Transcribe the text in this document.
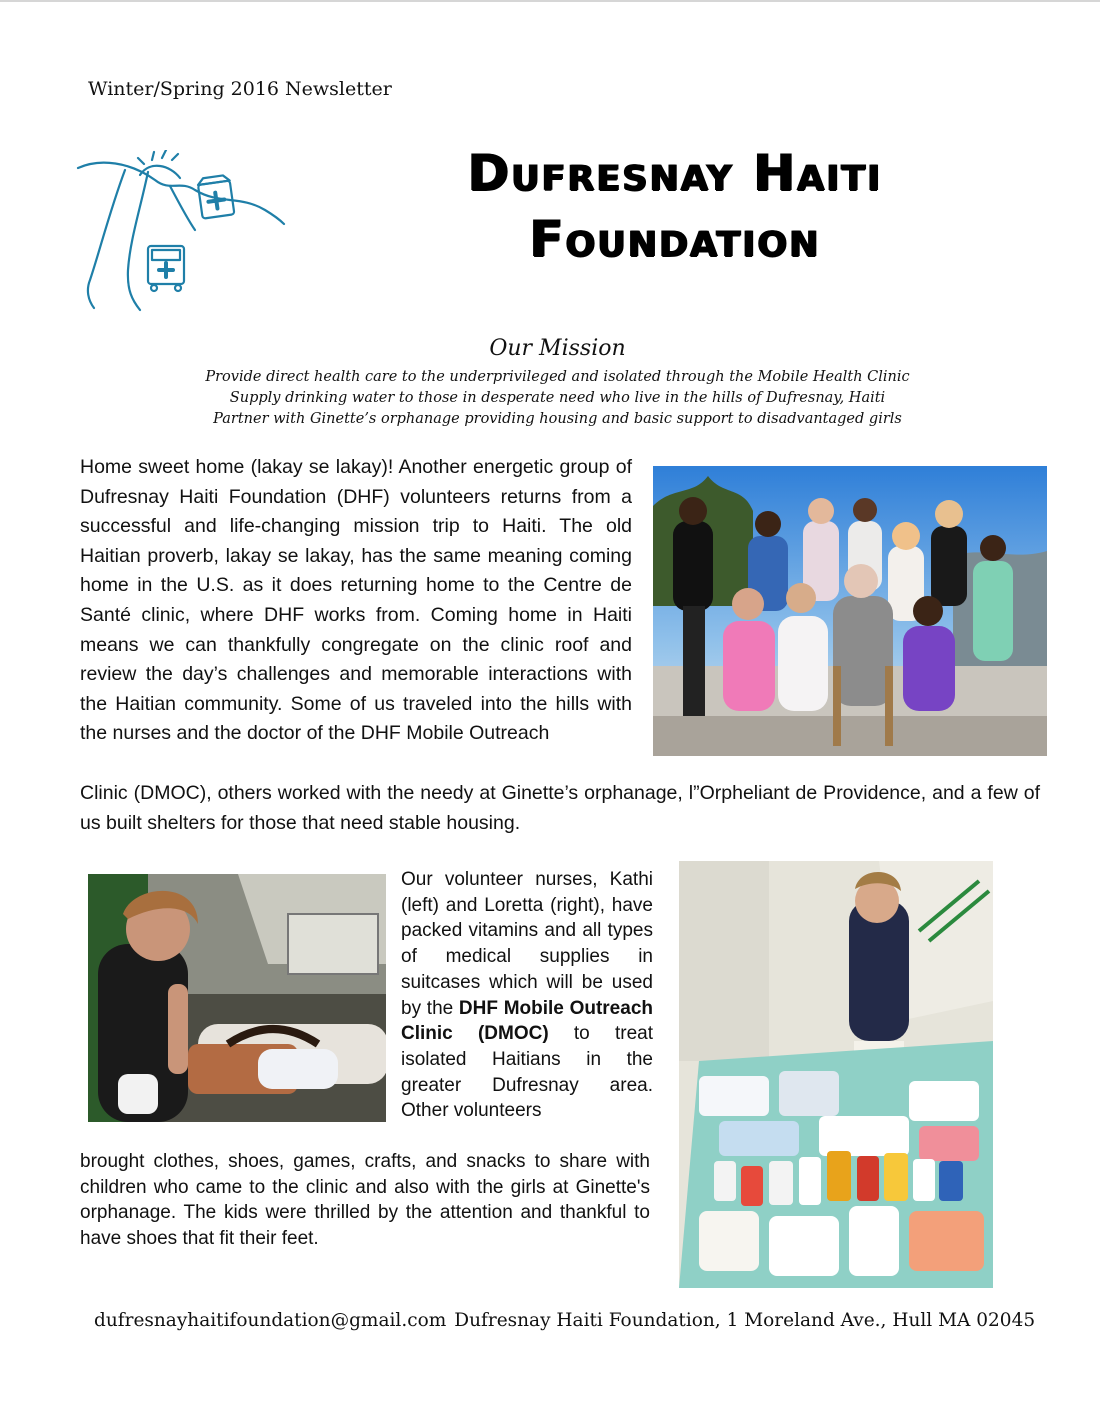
Winter/Spring 2016 Newsletter
Dufresnay Haiti Foundation
Our Mission
Provide direct health care to the underprivileged and isolated through the Mobile Health Clinic
Supply drinking water to those in desperate need who live in the hills of Dufresnay, Haiti
Partner with Ginette’s orphanage providing housing and basic support to disadvantaged girls
Home sweet home (lakay se lakay)! Another energetic group of Dufresnay Haiti Foundation (DHF) volunteers returns from a successful and life-changing mission trip to Haiti. The old Haitian proverb, lakay se lakay, has the same meaning coming home in the U.S. as it does returning home to the Centre de Santé clinic, where DHF works from. Coming home in Haiti means we can thankfully congregate on the clinic roof and review the day’s challenges and memorable interactions with the Haitian community. Some of us traveled into the hills with the nurses and the doctor of the DHF Mobile Outreach
Clinic (DMOC), others worked with the needy at Ginette’s orphanage, l”Orpheliant de Providence, and a few of us built shelters for those that need stable housing.
Our volunteer nurses, Kathi (left) and Loretta (right), have packed vitamins and all types of medical supplies in suitcases which will be used by the DHF Mobile Outreach Clinic (DMOC) to treat isolated Haitians in the greater Dufresnay area. Other volunteers
brought clothes, shoes, games, crafts, and snacks to share with children who came to the clinic and also with the girls at Ginette's orphanage. The kids were thrilled by the attention and thankful to have shoes that fit their feet.
dufresnayhaitifoundation@gmail.com Dufresnay Haiti Foundation, 1 Moreland Ave., Hull MA 02045
